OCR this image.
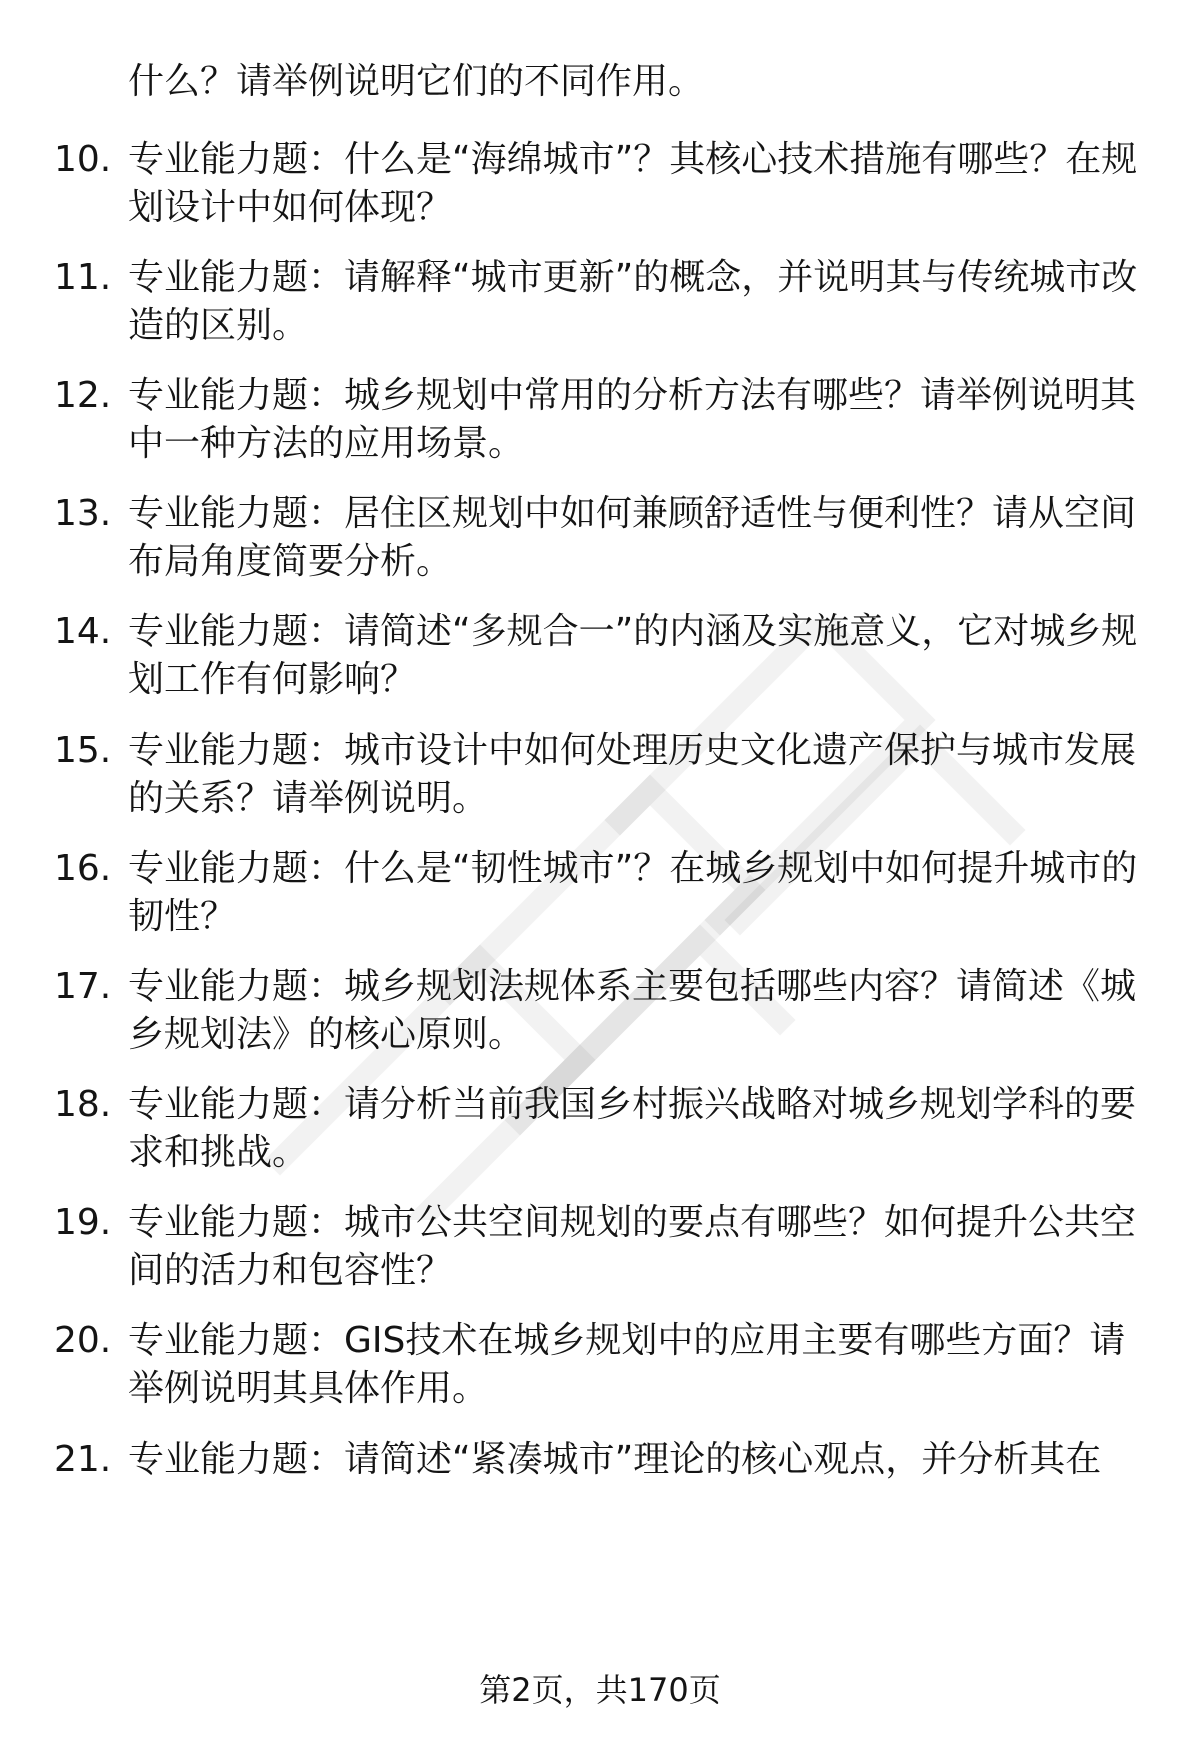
什么？请举例说明它们的不同作用。
10. 专业能力题：什么是“海绵城市”？其核心技术措施有哪些？在规划设计中如何体现？
11. 专业能力题：请解释“城市更新”的概念，并说明其与传统城市改造的区别。
12. 专业能力题：城乡规划中常用的分析方法有哪些？请举例说明其中一种方法的应用场景。
13. 专业能力题：居住区规划中如何兼顾舒适性与便利性？请从空间布局角度简要分析。
14. 专业能力题：请简述“多规合一”的内涵及实施意义，它对城乡规划工作有何影响？
15. 专业能力题：城市设计中如何处理历史文化遗产保护与城市发展的关系？请举例说明。
16. 专业能力题：什么是“韧性城市”？在城乡规划中如何提升城市的韧性？
17. 专业能力题：城乡规划法规体系主要包括哪些内容？请简述《城乡规划法》的核心原则。
18. 专业能力题：请分析当前我国乡村振兴战略对城乡规划学科的要求和挑战。
19. 专业能力题：城市公共空间规划的要点有哪些？如何提升公共空间的活力和包容性？
20. 专业能力题：GIS技术在城乡规划中的应用主要有哪些方面？请举例说明其具体作用。
21. 专业能力题：请简述“紧凑城市”理论的核心观点，并分析其在
第2页，共170页
